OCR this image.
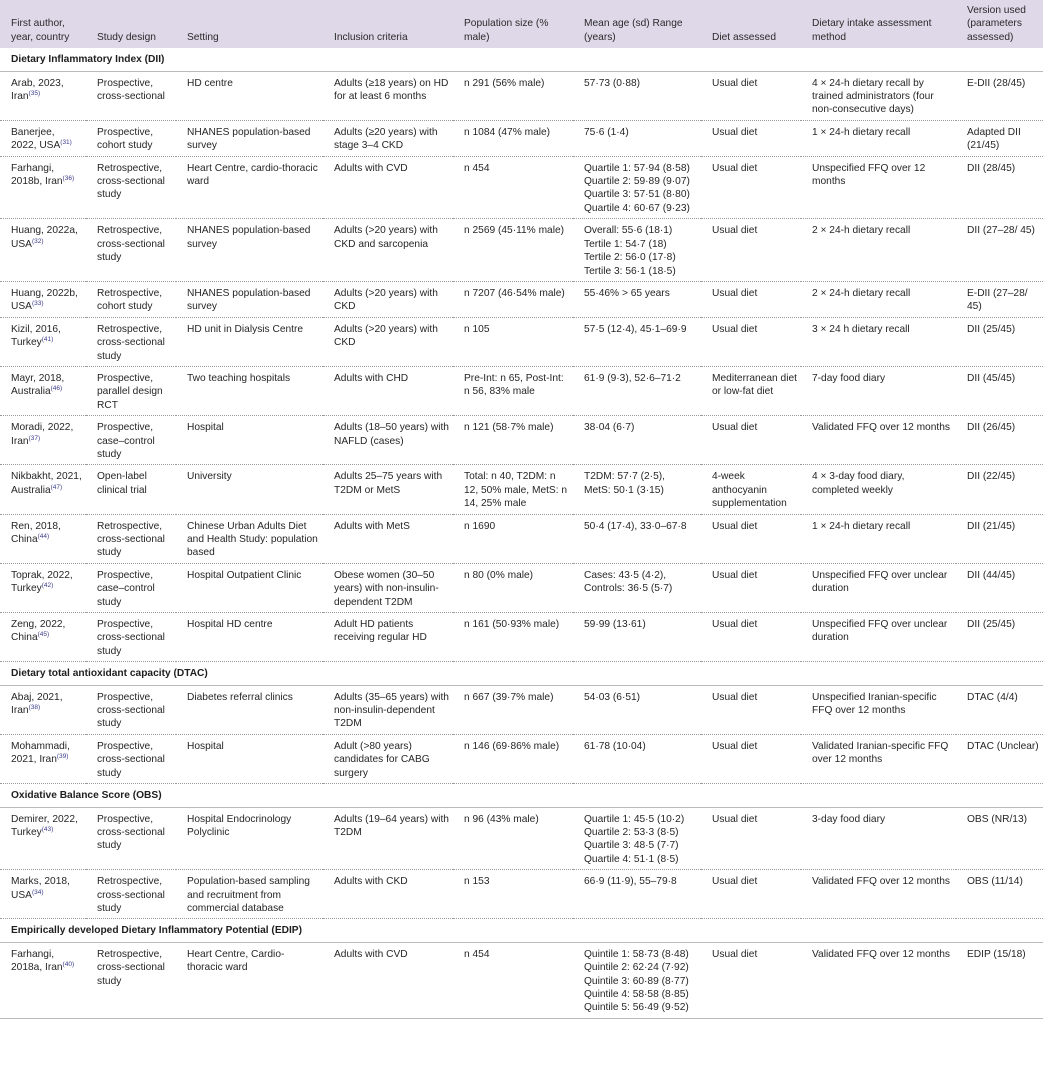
First author, year, country	Study design	Setting	Inclusion criteria	Population size (% male)	Mean age (sd) Range (years)	Diet assessed	Dietary intake assessment method	Version used (parameters assessed)
Dietary Inflammatory Index (DII)								
Arab, 2023, Iran$^{(35)}$	Prospective, cross-sectional	HD centre	Adults (≥18 years) on HD for at least 6 months	n 291 (56% male)	57·73 (0·88)	Usual diet	4 × 24-h dietary recall by trained administrators (four non-consecutive days)	E-DII (28/45)
Banerjee, 2022, USA$^{(31)}$	Prospective, cohort study	NHANES population-based survey	Adults (≥20 years) with stage 3–4 CKD	n 1084 (47% male)	75·6 (1·4)	Usual diet	1 × 24-h dietary recall	Adapted DII (21/45)
Farhangi, 2018b, Iran$^{(36)}$	Retrospective, cross-sectional study	Heart Centre, cardio-thoracic ward	Adults with CVD	n 454	Quartile 1: 57·94 (8·58)
Quartile 2: 59·89 (9·07)
Quartile 3: 57·51 (8·80)
Quartile 4: 60·67 (9·23)	Usual diet	Unspecified FFQ over 12 months	DII (28/45)
Huang, 2022a, USA$^{(32)}$	Retrospective, cross-sectional study	NHANES population-based survey	Adults (>20 years) with CKD and sarcopenia	n 2569 (45·11% male)	Overall: 55·6 (18·1)
Tertile 1: 54·7 (18)
Tertile 2: 56·0 (17·8)
Tertile 3: 56·1 (18·5)	Usual diet	2 × 24-h dietary recall	DII (27–28/ 45)
Huang, 2022b, USA$^{(33)}$	Retrospective, cohort study	NHANES population-based survey	Adults (>20 years) with CKD	n 7207 (46·54% male)	55·46% > 65 years	Usual diet	2 × 24-h dietary recall	E-DII (27–28/ 45)
Kizil, 2016, Turkey$^{(41)}$	Retrospective, cross-sectional study	HD unit in Dialysis Centre	Adults (>20 years) with CKD	n 105	57·5 (12·4), 45·1–69·9	Usual diet	3 × 24 h dietary recall	DII (25/45)
Mayr, 2018, Australia$^{(46)}$	Prospective, parallel design RCT	Two teaching hospitals	Adults with CHD	Pre-Int: n 65, Post-Int: n 56, 83% male	61·9 (9·3), 52·6–71·2	Mediterranean diet or low-fat diet	7-day food diary	DII (45/45)
Moradi, 2022, Iran$^{(37)}$	Prospective, case–control study	Hospital	Adults (18–50 years) with NAFLD (cases)	n 121 (58·7% male)	38·04 (6·7)	Usual diet	Validated FFQ over 12 months	DII (26/45)
Nikbakht, 2021, Australia$^{(47)}$	Open-label clinical trial	University	Adults 25–75 years with T2DM or MetS	Total: n 40, T2DM: n 12, 50% male, MetS: n 14, 25% male	T2DM: 57·7 (2·5),
MetS: 50·1 (3·15)	4-week anthocyanin supplementation	4 × 3-day food diary, completed weekly	DII (22/45)
Ren, 2018, China$^{(44)}$	Retrospective, cross-sectional study	Chinese Urban Adults Diet and Health Study: population based	Adults with MetS	n 1690	50·4 (17·4), 33·0–67·8	Usual diet	1 × 24-h dietary recall	DII (21/45)
Toprak, 2022, Turkey$^{(42)}$	Prospective, case–control study	Hospital Outpatient Clinic	Obese women (30–50 years) with non-insulin-dependent T2DM	n 80 (0% male)	Cases: 43·5 (4·2),
Controls: 36·5 (5·7)	Usual diet	Unspecified FFQ over unclear duration	DII (44/45)
Zeng, 2022, China$^{(45)}$	Prospective, cross-sectional study	Hospital HD centre	Adult HD patients receiving regular HD	n 161 (50·93% male)	59·99 (13·61)	Usual diet	Unspecified FFQ over unclear duration	DII (25/45)
Dietary total antioxidant capacity (DTAC)								
Abaj, 2021, Iran$^{(38)}$	Prospective, cross-sectional study	Diabetes referral clinics	Adults (35–65 years) with non-insulin-dependent T2DM	n 667 (39·7% male)	54·03 (6·51)	Usual diet	Unspecified Iranian-specific FFQ over 12 months	DTAC (4/4)
Mohammadi, 2021, Iran$^{(39)}$	Prospective, cross-sectional study	Hospital	Adult (>80 years) candidates for CABG surgery	n 146 (69·86% male)	61·78 (10·04)	Usual diet	Validated Iranian-specific FFQ over 12 months	DTAC (Unclear)
Oxidative Balance Score (OBS)								
Demirer, 2022, Turkey$^{(43)}$	Prospective, cross-sectional study	Hospital Endocrinology Polyclinic	Adults (19–64 years) with T2DM	n 96 (43% male)	Quartile 1: 45·5 (10·2)
Quartile 2: 53·3 (8·5)
Quartile 3: 48·5 (7·7)
Quartile 4: 51·1 (8·5)	Usual diet	3-day food diary	OBS (NR/13)
Marks, 2018, USA$^{(34)}$	Retrospective, cross-sectional study	Population-based sampling and recruitment from commercial database	Adults with CKD	n 153	66·9 (11·9), 55–79·8	Usual diet	Validated FFQ over 12 months	OBS (11/14)
Empirically developed Dietary Inflammatory Potential (EDIP)								
Farhangi, 2018a, Iran$^{(40)}$	Retrospective, cross-sectional study	Heart Centre, Cardio-thoracic ward	Adults with CVD	n 454	Quintile 1: 58·73 (8·48)
Quintile 2: 62·24 (7·92)
Quintile 3: 60·89 (8·77)
Quintile 4: 58·58 (8·85)
Quintile 5: 56·49 (9·52)	Usual diet	Validated FFQ over 12 months	EDIP (15/18)
